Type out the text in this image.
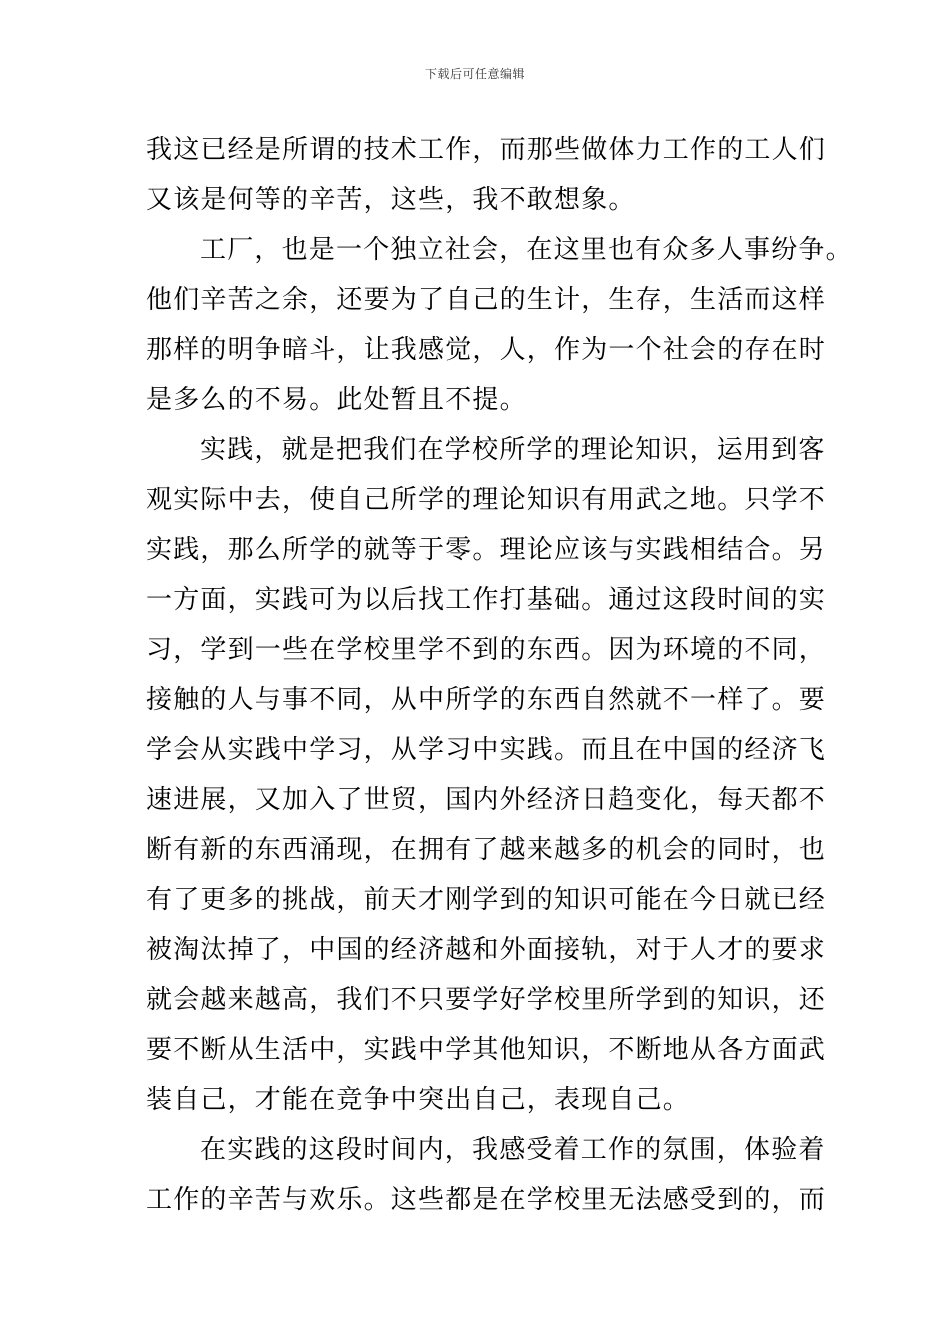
下载后可任意编辑
我这已经是所谓的技术工作，而那些做体力工作的工人们
又该是何等的辛苦，这些，我不敢想象。
工厂，也是一个独立社会，在这里也有众多人事纷争。
他们辛苦之余，还要为了自己的生计，生存，生活而这样
那样的明争暗斗，让我感觉，人，作为一个社会的存在时
是多么的不易。此处暂且不提。
实践，就是把我们在学校所学的理论知识，运用到客
观实际中去，使自己所学的理论知识有用武之地。只学不
实践，那么所学的就等于零。理论应该与实践相结合。另
一方面，实践可为以后找工作打基础。通过这段时间的实
习，学到一些在学校里学不到的东西。因为环境的不同，
接触的人与事不同，从中所学的东西自然就不一样了。要
学会从实践中学习，从学习中实践。而且在中国的经济飞
速进展，又加入了世贸，国内外经济日趋变化，每天都不
断有新的东西涌现，在拥有了越来越多的机会的同时，也
有了更多的挑战，前天才刚学到的知识可能在今日就已经
被淘汰掉了，中国的经济越和外面接轨，对于人才的要求
就会越来越高，我们不只要学好学校里所学到的知识，还
要不断从生活中，实践中学其他知识，不断地从各方面武
装自己，才能在竞争中突出自己，表现自己。
在实践的这段时间内，我感受着工作的氛围，体验着
工作的辛苦与欢乐。这些都是在学校里无法感受到的，而
